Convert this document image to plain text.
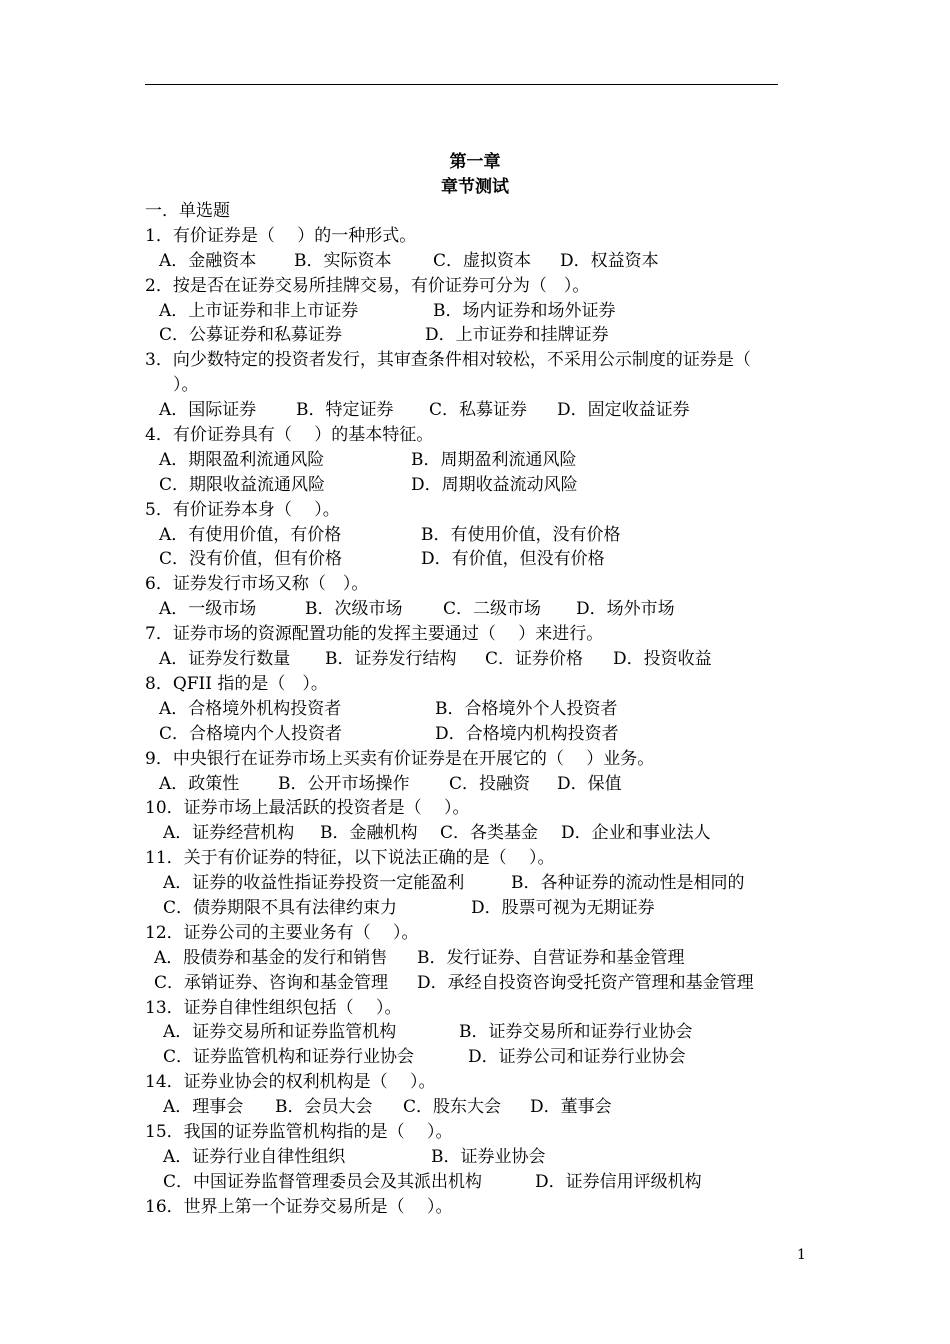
第一章
章节测试
一．单选题
1．有价证券是（　 ）的一种形式。
A．金融资本 B．实际资本 C．虚拟资本 D．权益资本
2．按是否在证券交易所挂牌交易，有价证券可分为（　）。
A．上市证券和非上市证券	B．场内证券和场外证券
C．公募证券和私募证券	D．上市证券和挂牌证券
3．向少数特定的投资者发行，其审查条件相对较松，不采用公示制度的证券是（
）。
A．国际证券 B．特定证券 C．私募证券 D．固定收益证券
4．有价证券具有（　 ）的基本特征。
A．期限盈利流通风险	B．周期盈利流通风险
C．期限收益流通风险	D．周期收益流动风险
5．有价证券本身（　 ）。
A．有使用价值，有价格	B．有使用价值，没有价格
C．没有价值，但有价格	D．有价值，但没有价格
6．证券发行市场又称（　）。
A．一级市场	B．次级市场 C．二级市场 D．场外市场
7．证券市场的资源配置功能的发挥主要通过（　 ）来进行。
A．证券发行数量 B．证券发行结构 C．证券价格 D．投资收益
8．QFII 指的是（　）。
A．合格境外机构投资者	B．合格境外个人投资者
C．合格境内个人投资者	D．合格境内机构投资者
9．中央银行在证券市场上买卖有价证券是在开展它的（　 ）业务。
A．政策性 B．公开市场操作 C．投融资 D．保值
10．证券市场上最活跃的投资者是（　 ）。
A．证券经营机构 B．金融机构 C．各类基金 D．企业和事业法人
11．关于有价证券的特征，以下说法正确的是（　 ）。
A．证券的收益性指证券投资一定能盈利	B．各种证券的流动性是相同的
C．债券期限不具有法律约束力	D．股票可视为无期证券
12．证券公司的主要业务有（　 ）。
A．股债券和基金的发行和销售 B．发行证券、自营证券和基金管理
C．承销证券、咨询和基金管理 D．承经自投资咨询受托资产管理和基金管理
13．证券自律性组织包括（　 ）。
A．证券交易所和证券监管机构	B．证券交易所和证券行业协会
C．证券监管机构和证券行业协会	D．证券公司和证券行业协会
14．证券业协会的权利机构是（　 ）。
A．理事会 B．会员大会 C．股东大会 D．董事会
15．我国的证券监管机构指的是（　 ）。
A．证券行业自律性组织	B．证券业协会
C．中国证券监督管理委员会及其派出机构	D．证券信用评级机构
16．世界上第一个证券交易所是（　 ）。
1
